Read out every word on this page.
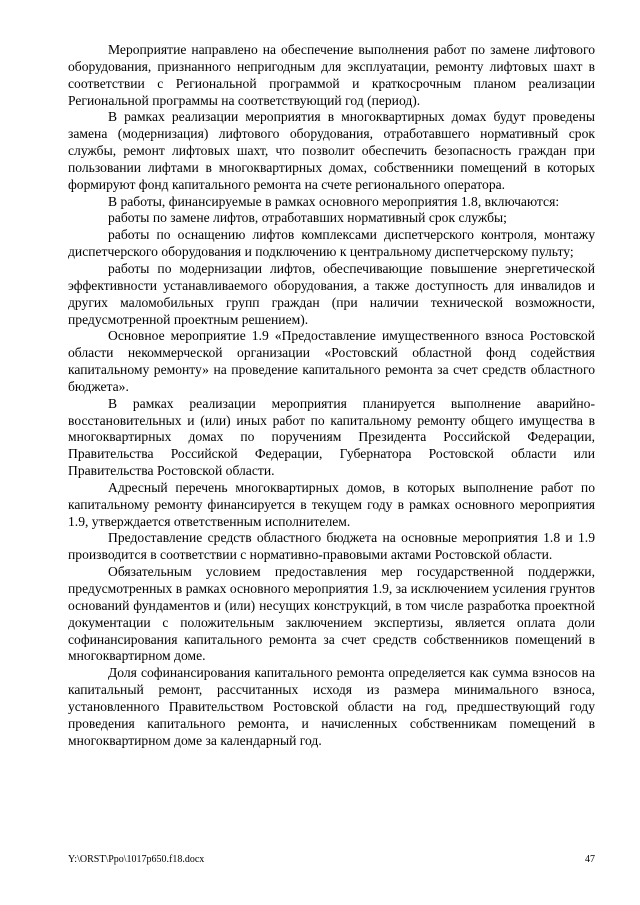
Мероприятие направлено на обеспечение выполнения работ по замене лифтового оборудования, признанного непригодным для эксплуатации, ремонту лифтовых шахт в соответствии с Региональной программой и краткосрочным планом реализации Региональной программы на соответствующий год (период).

В рамках реализации мероприятия в многоквартирных домах будут проведены замена (модернизация) лифтового оборудования, отработавшего нормативный срок службы, ремонт лифтовых шахт, что позволит обеспечить безопасность граждан при пользовании лифтами в многоквартирных домах, собственники помещений в которых формируют фонд капитального ремонта на счете регионального оператора.

В работы, финансируемые в рамках основного мероприятия 1.8, включаются:

работы по замене лифтов, отработавших нормативный срок службы;

работы по оснащению лифтов комплексами диспетчерского контроля, монтажу диспетчерского оборудования и подключению к центральному диспетчерскому пульту;

работы по модернизации лифтов, обеспечивающие повышение энергетической эффективности устанавливаемого оборудования, а также доступность для инвалидов и других маломобильных групп граждан (при наличии технической возможности, предусмотренной проектным решением).

Основное мероприятие 1.9 «Предоставление имущественного взноса Ростовской области некоммерческой организации «Ростовский областной фонд содействия капитальному ремонту» на проведение капитального ремонта за счет средств областного бюджета».

В рамках реализации мероприятия планируется выполнение аварийно-восстановительных и (или) иных работ по капитальному ремонту общего имущества в многоквартирных домах по поручениям Президента Российской Федерации, Правительства Российской Федерации, Губернатора Ростовской области или Правительства Ростовской области.

Адресный перечень многоквартирных домов, в которых выполнение работ по капитальному ремонту финансируется в текущем году в рамках основного мероприятия 1.9, утверждается ответственным исполнителем.

Предоставление средств областного бюджета на основные мероприятия 1.8 и 1.9 производится в соответствии с нормативно-правовыми актами Ростовской области.

Обязательным условием предоставления мер государственной поддержки, предусмотренных в рамках основного мероприятия 1.9, за исключением усиления грунтов оснований фундаментов и (или) несущих конструкций, в том числе разработка проектной документации с положительным заключением экспертизы, является оплата доли софинансирования капитального ремонта за счет средств собственников помещений в многоквартирном доме.

Доля софинансирования капитального ремонта определяется как сумма взносов на капитальный ремонт, рассчитанных исходя из размера минимального взноса, установленного Правительством Ростовской области на год, предшествующий году проведения капитального ремонта, и начисленных собственникам помещений в многоквартирном доме за календарный год.

Y:\ORST\Ppo\1017p650.f18.docx	47
